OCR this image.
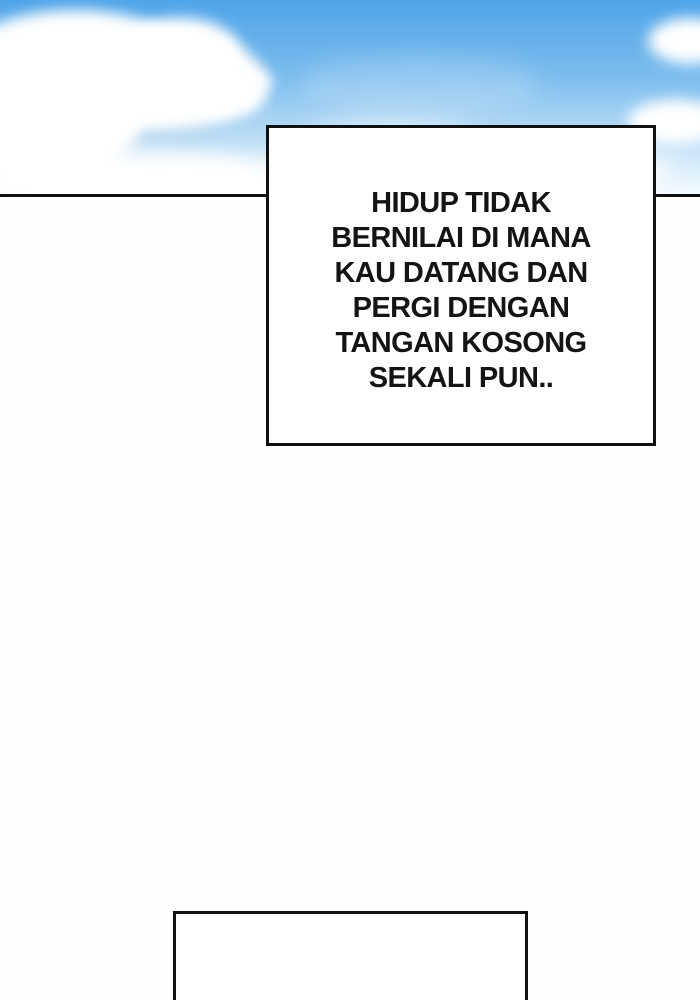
HIDUP TIDAK
BERNILAI DI MANA
KAU DATANG DAN
PERGI DENGAN
TANGAN KOSONG
SEKALI PUN..
